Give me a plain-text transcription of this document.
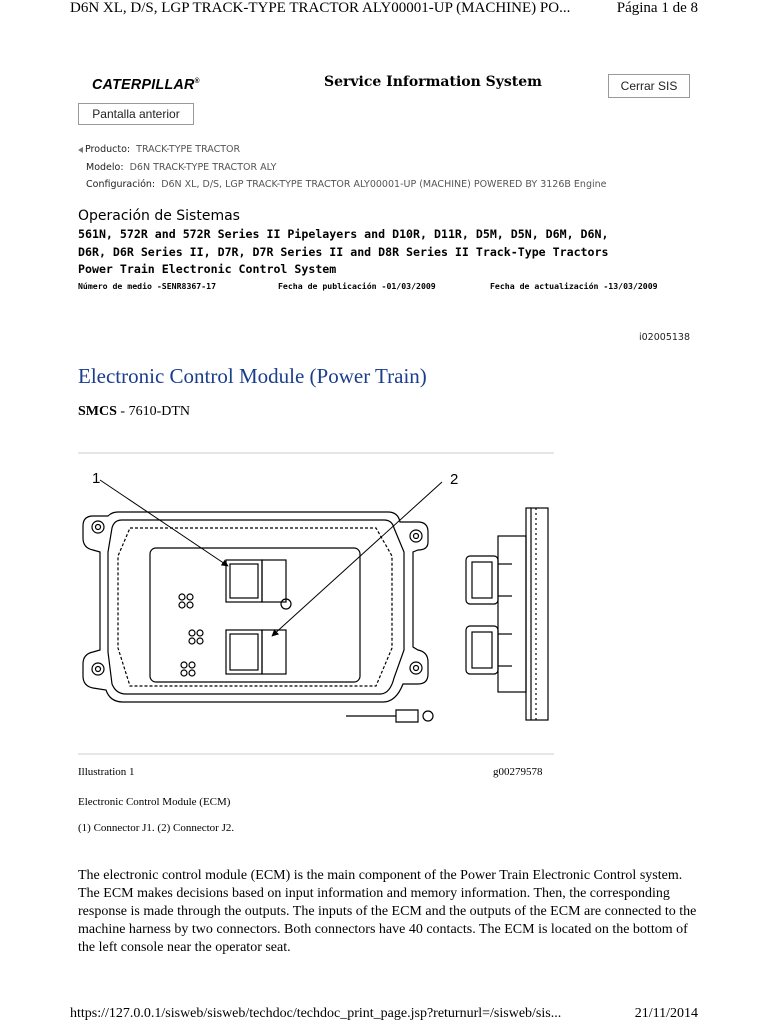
D6N XL, D/S, LGP TRACK-TYPE TRACTOR ALY00001-UP (MACHINE) PO...	Página 1 de 8
CATERPILLAR®	Service Information System	Cerrar SIS
Pantalla anterior
Producto: TRACK-TYPE TRACTOR
Modelo: D6N TRACK-TYPE TRACTOR ALY
Configuración: D6N XL, D/S, LGP TRACK-TYPE TRACTOR ALY00001-UP (MACHINE) POWERED BY 3126B Engine
Operación de Sistemas
561N, 572R and 572R Series II Pipelayers and D10R, D11R, D5M, D5N, D6M, D6N,
D6R, D6R Series II, D7R, D7R Series II and D8R Series II Track-Type Tractors
Power Train Electronic Control System
Número de medio -SENR8367-17	Fecha de publicación -01/03/2009	Fecha de actualización -13/03/2009
i02005138
Electronic Control Module (Power Train)
SMCS - 7610-DTN
1	2
Illustration 1	g00279578
Electronic Control Module (ECM)
(1) Connector J1. (2) Connector J2.
The electronic control module (ECM) is the main component of the Power Train Electronic Control system. The ECM makes decisions based on input information and memory information. Then, the corresponding response is made through the outputs. The inputs of the ECM and the outputs of the ECM are connected to the machine harness by two connectors. Both connectors have 40 contacts. The ECM is located on the bottom of the left console near the operator seat.
https://127.0.0.1/sisweb/sisweb/techdoc/techdoc_print_page.jsp?returnurl=/sisweb/sis...	21/11/2014
